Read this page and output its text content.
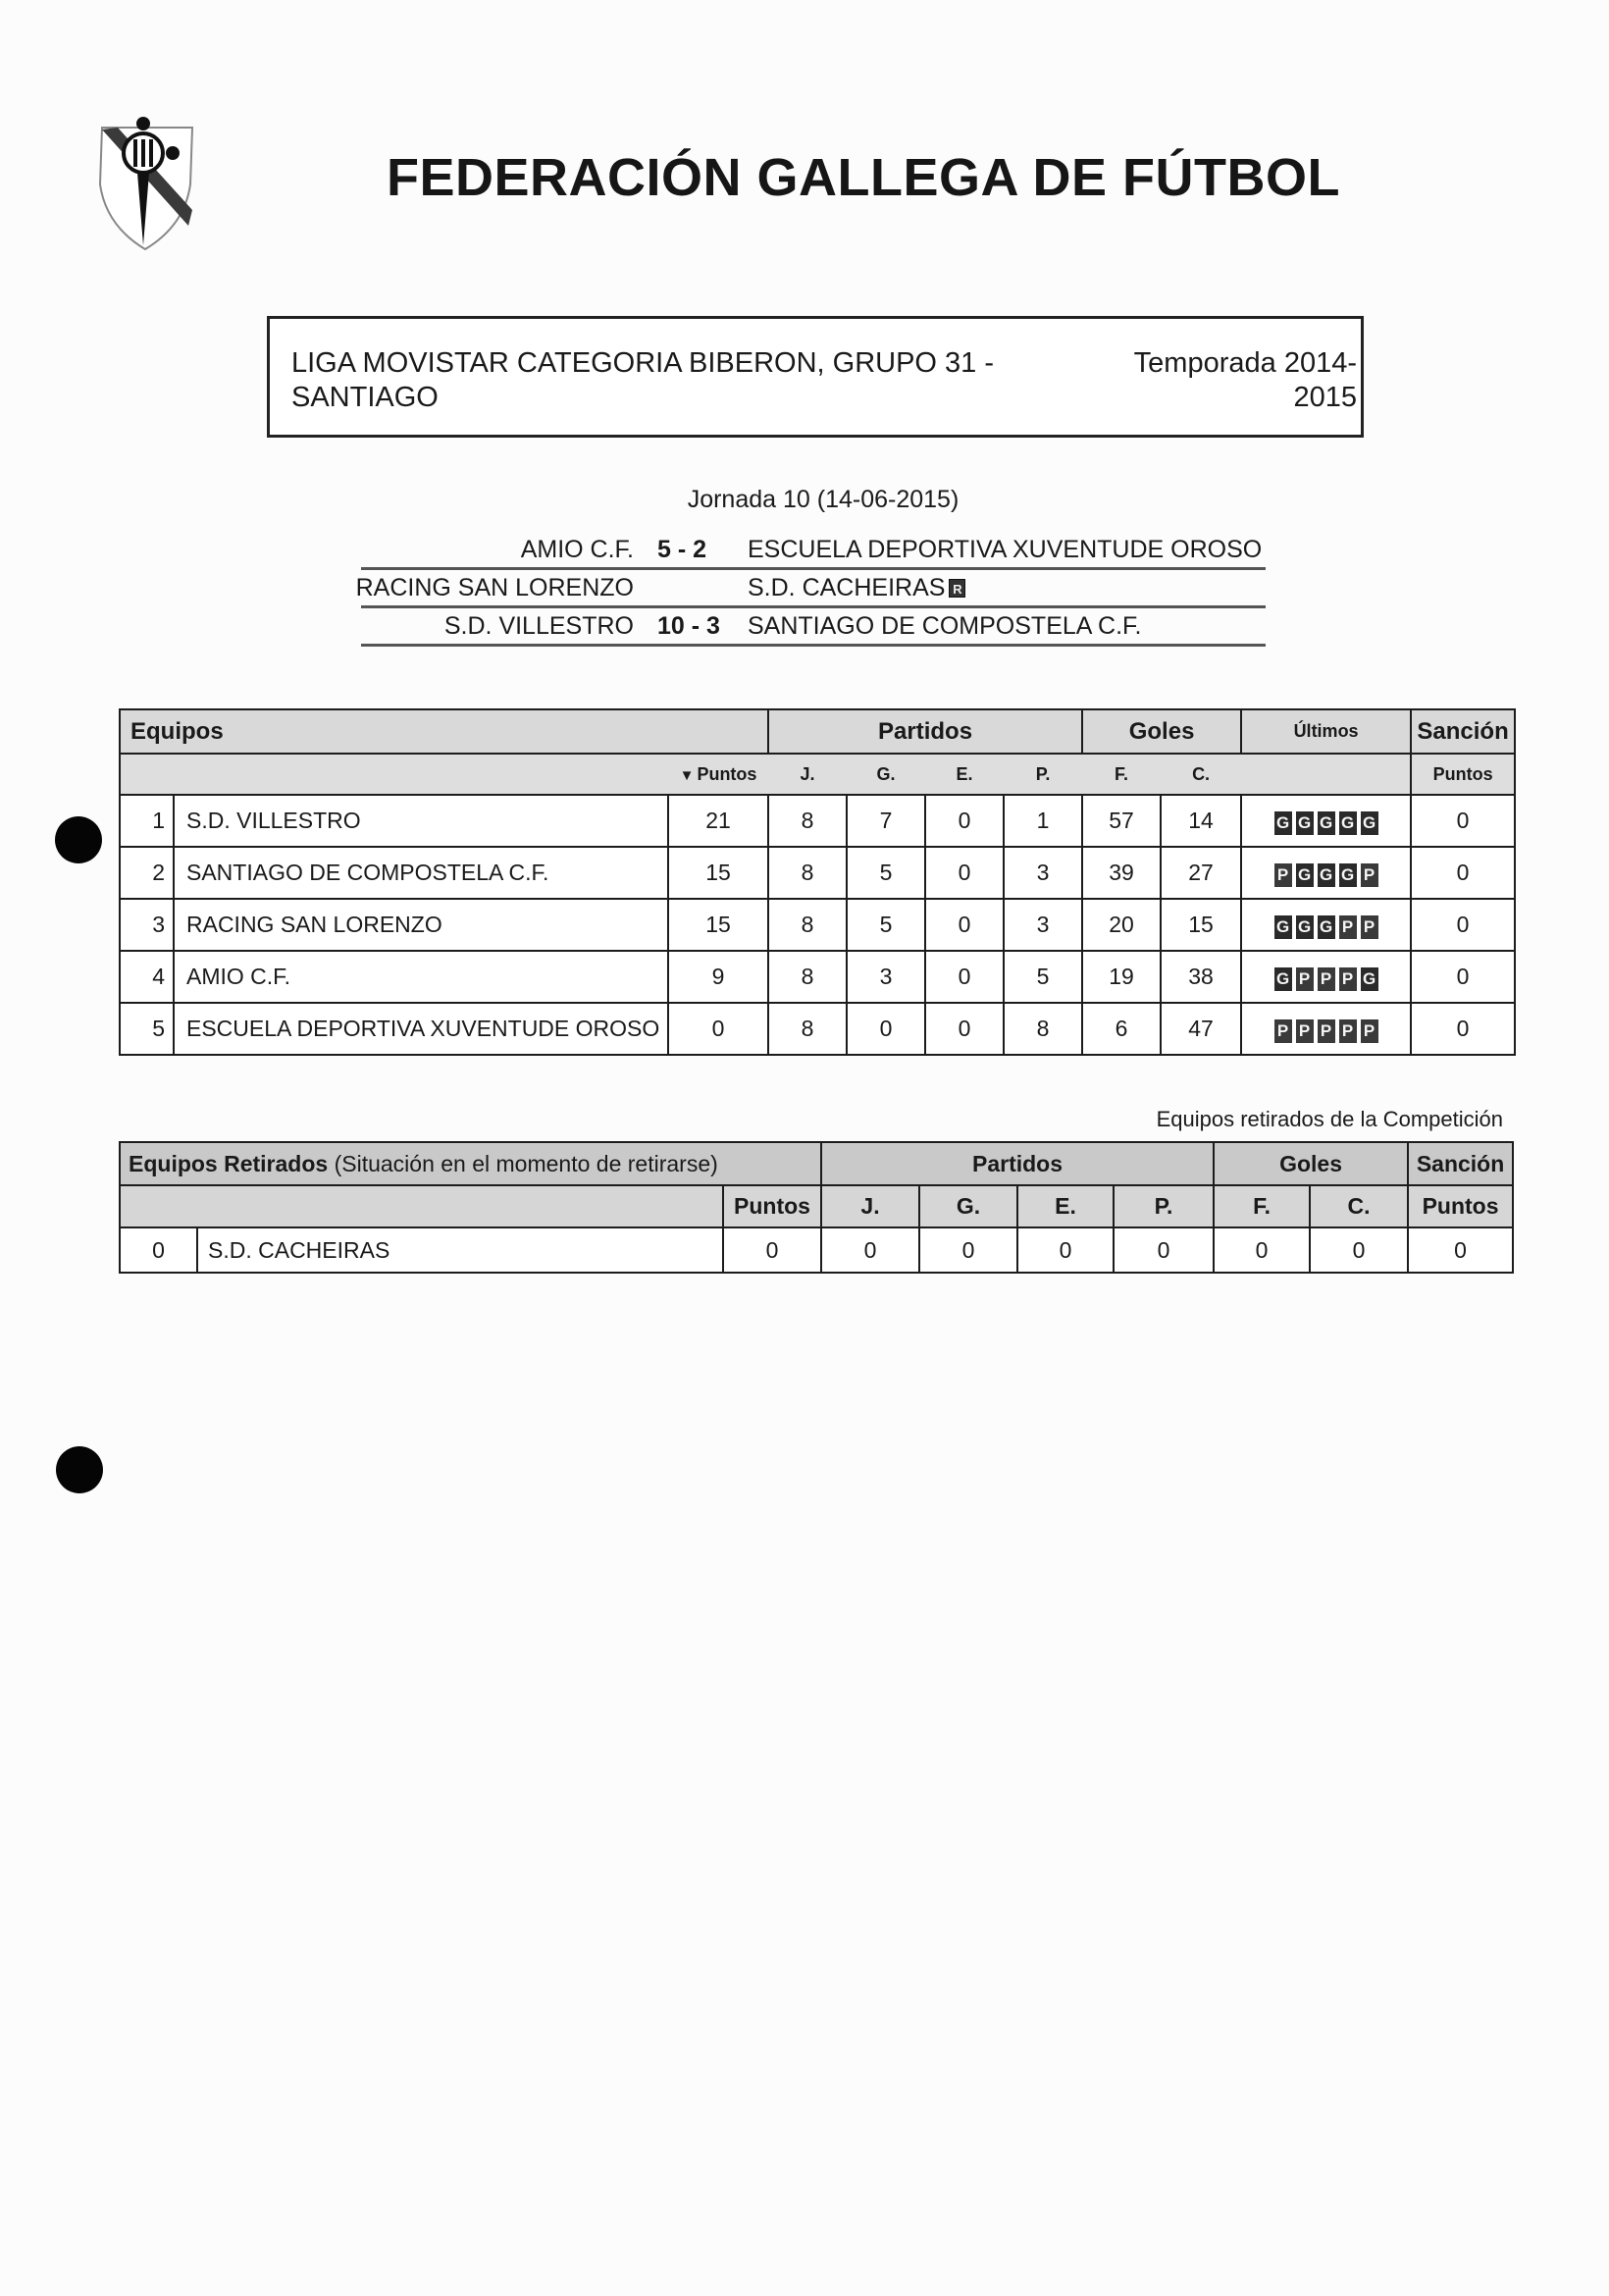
FEDERACIÓN GALLEGA DE FÚTBOL
LIGA MOVISTAR CATEGORIA BIBERON, GRUPO 31 -
SANTIAGO
Temporada 2014-
2015
Jornada 10 (14-06-2015)
AMIO C.F. 5 - 2	ESCUELA DEPORTIVA XUVENTUDE OROSO
RACING SAN LORENZO	S.D. CACHEIRAS R
S.D. VILLESTRO 10 - 3	SANTIAGO DE COMPOSTELA C.F.
Equipos			Partidos				Goles		Últimos	Sanción
		▼ Puntos	J.	G.	E.	P.	F.	C.		Puntos
1	S.D. VILLESTRO	21	8	7	0	1	57	14	G G G G G	0
2	SANTIAGO DE COMPOSTELA C.F.	15	8	5	0	3	39	27	P G G G P	0
3	RACING SAN LORENZO	15	8	5	0	3	20	15	G G G P P	0
4	AMIO C.F.	9	8	3	0	5	19	38	G P P P G	0
5	ESCUELA DEPORTIVA XUVENTUDE OROSO	0	8	0	0	8	6	47	P P P P P	0
Equipos retirados de la Competición
Equipos Retirados (Situación en el momento de retirarse)			Partidos				Goles		Sanción
		Puntos	J.	G.	E.	P.	F.	C.	Puntos
0	S.D. CACHEIRAS	0	0	0	0	0	0	0	0
